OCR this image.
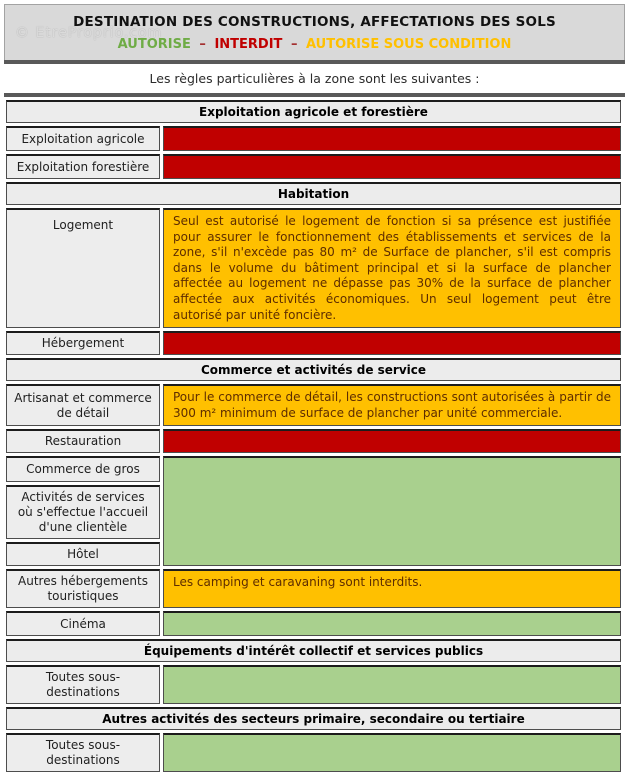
© EtreProprio.com
DESTINATION DES CONSTRUCTIONS, AFFECTATIONS DES SOLS
AUTORISE – INTERDIT – AUTORISE SOUS CONDITION
Les règles particulières à la zone sont les suivantes :
Exploitation agricole et forestière	
Exploitation agricole	
Exploitation forestière	
Habitation	
Logement	Seul est autorisé le logement de fonction si sa présence est justifiée pour assurer le fonctionnement des établissements et services de la zone, s'il n'excède pas 80 m² de Surface de plancher, s'il est compris dans le volume du bâtiment principal et si la surface de plancher affectée au logement ne dépasse pas 30% de la surface de plancher affectée aux activités économiques. Un seul logement peut être autorisé par unité foncière.
Hébergement	
Commerce et activités de service	
Artisanat et commerce de détail	Pour le commerce de détail, les constructions sont autorisées à partir de 300 m² minimum de surface de plancher par unité commerciale.
Restauration	
Commerce de gros	
Activités de services où s'effectue l'accueil d'une clientèle	
Hôtel	
Autres hébergements touristiques	Les camping et caravaning sont interdits.
Cinéma	
Équipements d'intérêt collectif et services publics	
Toutes sous-destinations	
Autres activités des secteurs primaire, secondaire ou tertiaire	
Toutes sous-destinations	
